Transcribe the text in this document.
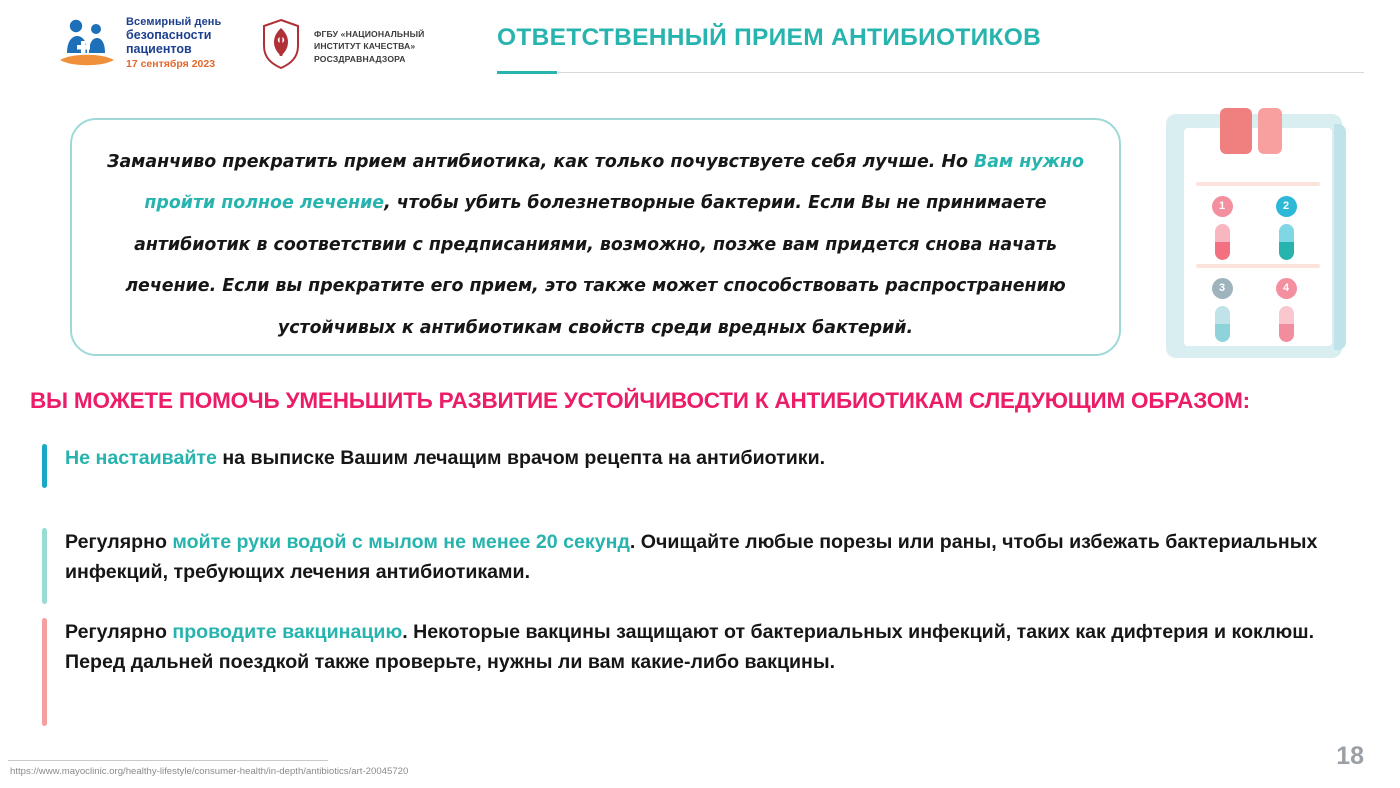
Всемирный день
безопасности
пациентов
17 сентября 2023
ФГБУ «НАЦИОНАЛЬНЫЙ
ИНСТИТУТ КАЧЕСТВА»
РОСЗДРАВНАДЗОРА
ОТВЕТСТВЕННЫЙ ПРИЕМ АНТИБИОТИКОВ
Заманчиво прекратить прием антибиотика, как только почувствуете себя лучше. Но Вам нужно пройти полное лечение, чтобы убить болезнетворные бактерии. Если Вы не принимаете антибиотик в соответствии с предписаниями, возможно, позже вам придется снова начать лечение. Если вы прекратите его прием, это также может способствовать распространению устойчивых к антибиотикам свойств среди вредных бактерий.
1	2
3	4
ВЫ МОЖЕТЕ ПОМОЧЬ УМЕНЬШИТЬ РАЗВИТИЕ УСТОЙЧИВОСТИ К АНТИБИОТИКАМ СЛЕДУЮЩИМ ОБРАЗОМ:
Не настаивайте на выписке Вашим лечащим врачом рецепта на антибиотики.
Регулярно мойте руки водой с мылом не менее 20 секунд. Очищайте любые порезы или раны, чтобы избежать бактериальных инфекций, требующих лечения антибиотиками.
Регулярно проводите вакцинацию. Некоторые вакцины защищают от бактериальных инфекций, таких как дифтерия и коклюш. Перед дальней поездкой также проверьте, нужны ли вам какие-либо вакцины.
https://www.mayoclinic.org/healthy-lifestyle/consumer-health/in-depth/antibiotics/art-20045720
18
